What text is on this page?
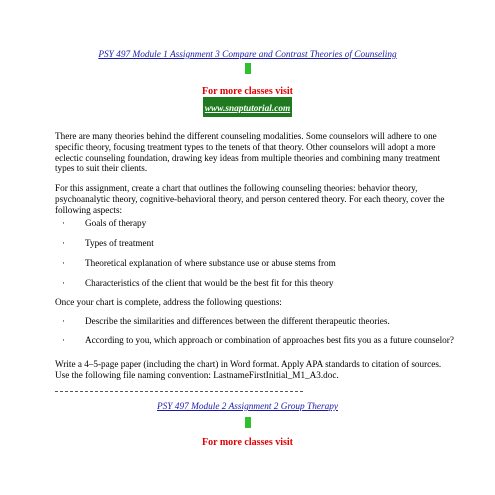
PSY 497 Module 1 Assignment 3 Compare and Contrast Theories of Counseling
For more classes visit
www.snaptutorial.com
There are many theories behind the different counseling modalities. Some counselors will adhere to one specific theory, focusing treatment types to the tenets of that theory. Other counselors will adopt a more eclectic counseling foundation, drawing key ideas from multiple theories and combining many treatment types to suit their clients.
For this assignment, create a chart that outlines the following counseling theories: behavior theory, psychoanalytic theory, cognitive-behavioral theory, and person centered theory. For each theory, cover the following aspects:
· Goals of therapy
· Types of treatment
· Theoretical explanation of where substance use or abuse stems from
· Characteristics of the client that would be the best fit for this theory
Once your chart is complete, address the following questions:
· Describe the similarities and differences between the different therapeutic theories.
· According to you, which approach or combination of approaches best fits you as a future counselor?
Write a 4–5-page paper (including the chart) in Word format. Apply APA standards to citation of sources. Use the following file naming convention: LastnameFirstInitial_M1_A3.doc.
PSY 497 Module 2 Assignment 2 Group Therapy
For more classes visit
